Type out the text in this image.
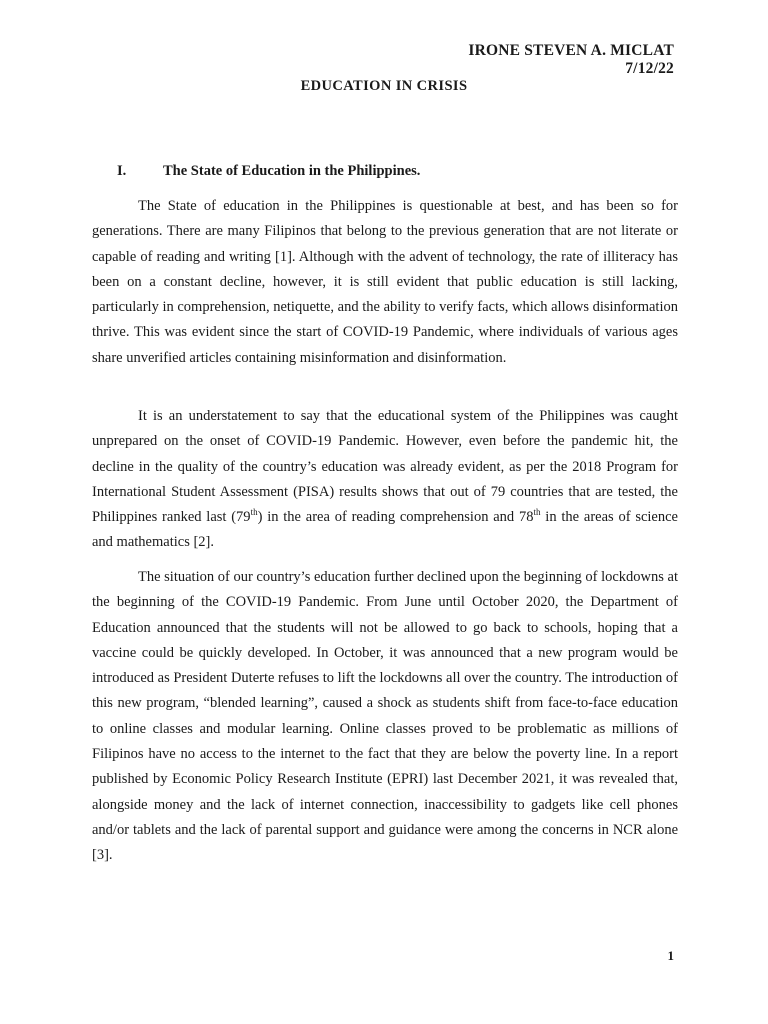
IRONE STEVEN A. MICLAT
7/12/22
EDUCATION IN CRISIS
I.	The State of Education in the Philippines.

The State of education in the Philippines is questionable at best, and has been so for generations. There are many Filipinos that belong to the previous generation that are not literate or capable of reading and writing [1]. Although with the advent of technology, the rate of illiteracy has been on a constant decline, however, it is still evident that public education is still lacking, particularly in comprehension, netiquette, and the ability to verify facts, which allows disinformation thrive. This was evident since the start of COVID-19 Pandemic, where individuals of various ages share unverified articles containing misinformation and disinformation.

It is an understatement to say that the educational system of the Philippines was caught unprepared on the onset of COVID-19 Pandemic. However, even before the pandemic hit, the decline in the quality of the country’s education was already evident, as per the 2018 Program for International Student Assessment (PISA) results shows that out of 79 countries that are tested, the Philippines ranked last (79th) in the area of reading comprehension and 78th in the areas of science and mathematics [2].

The situation of our country’s education further declined upon the beginning of lockdowns at the beginning of the COVID-19 Pandemic. From June until October 2020, the Department of Education announced that the students will not be allowed to go back to schools, hoping that a vaccine could be quickly developed. In October, it was announced that a new program would be introduced as President Duterte refuses to lift the lockdowns all over the country. The introduction of this new program, “blended learning”, caused a shock as students shift from face-to-face education to online classes and modular learning. Online classes proved to be problematic as millions of Filipinos have no access to the internet to the fact that they are below the poverty line. In a report published by Economic Policy Research Institute (EPRI) last December 2021, it was revealed that, alongside money and the lack of internet connection, inaccessibility to gadgets like cell phones and/or tablets and the lack of parental support and guidance were among the concerns in NCR alone [3].

1
